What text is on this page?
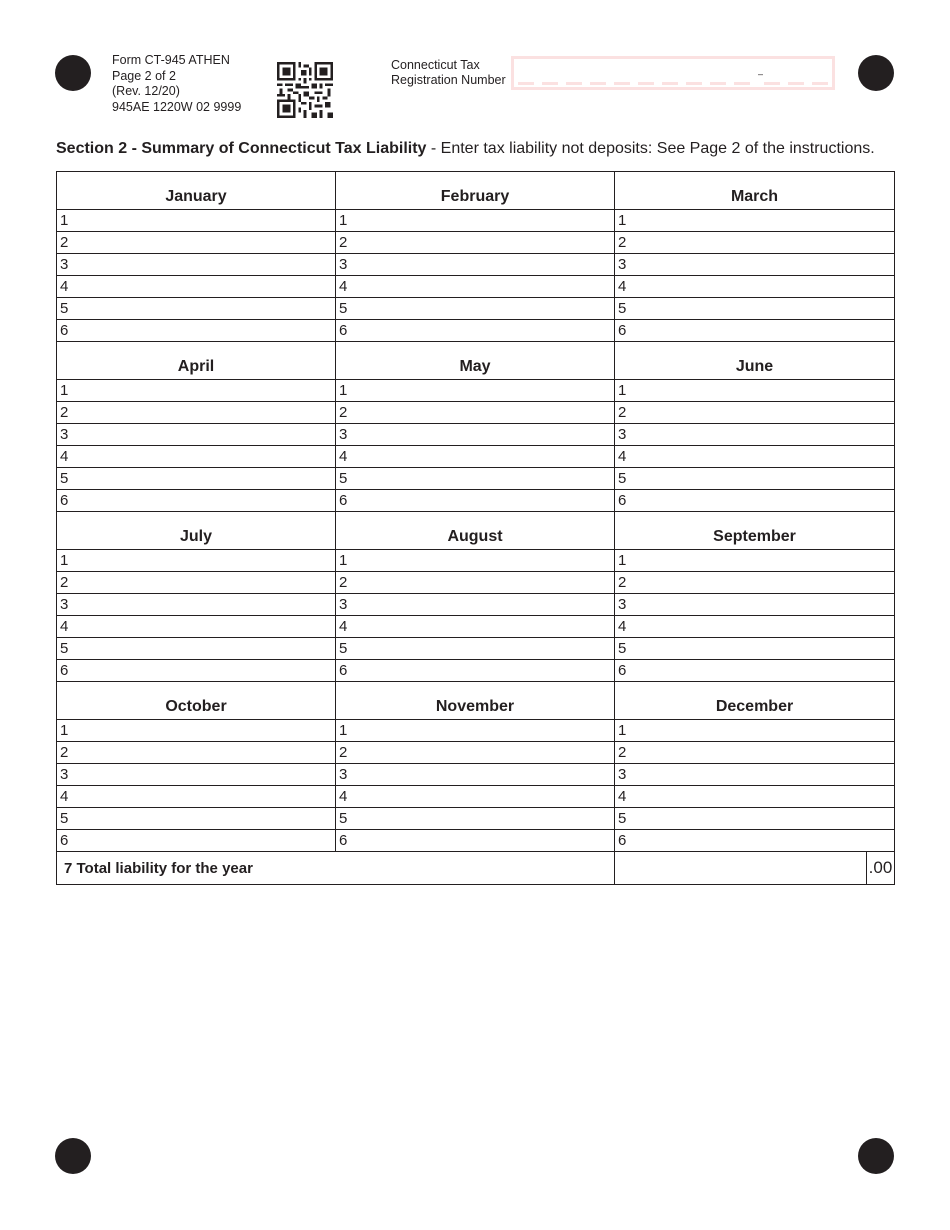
Form CT-945 ATHEN
Page 2 of 2
(Rev. 12/20)
945AE 1220W 02 9999
Connecticut Tax
Registration Number	–
Section 2 - Summary of Connecticut Tax Liability - Enter tax liability not deposits: See Page 2 of the instructions.
January	February	March
1	1	1
2	2	2
3	3	3
4	4	4
5	5	5
6	6	6
April	May	June
1	1	1
2	2	2
3	3	3
4	4	4
5	5	5
6	6	6
July	August	September
1	1	1
2	2	2
3	3	3
4	4	4
5	5	5
6	6	6
October	November	December
1	1	1
2	2	2
3	3	3
4	4	4
5	5	5
6	6	6
7 Total liability for the year		.00
